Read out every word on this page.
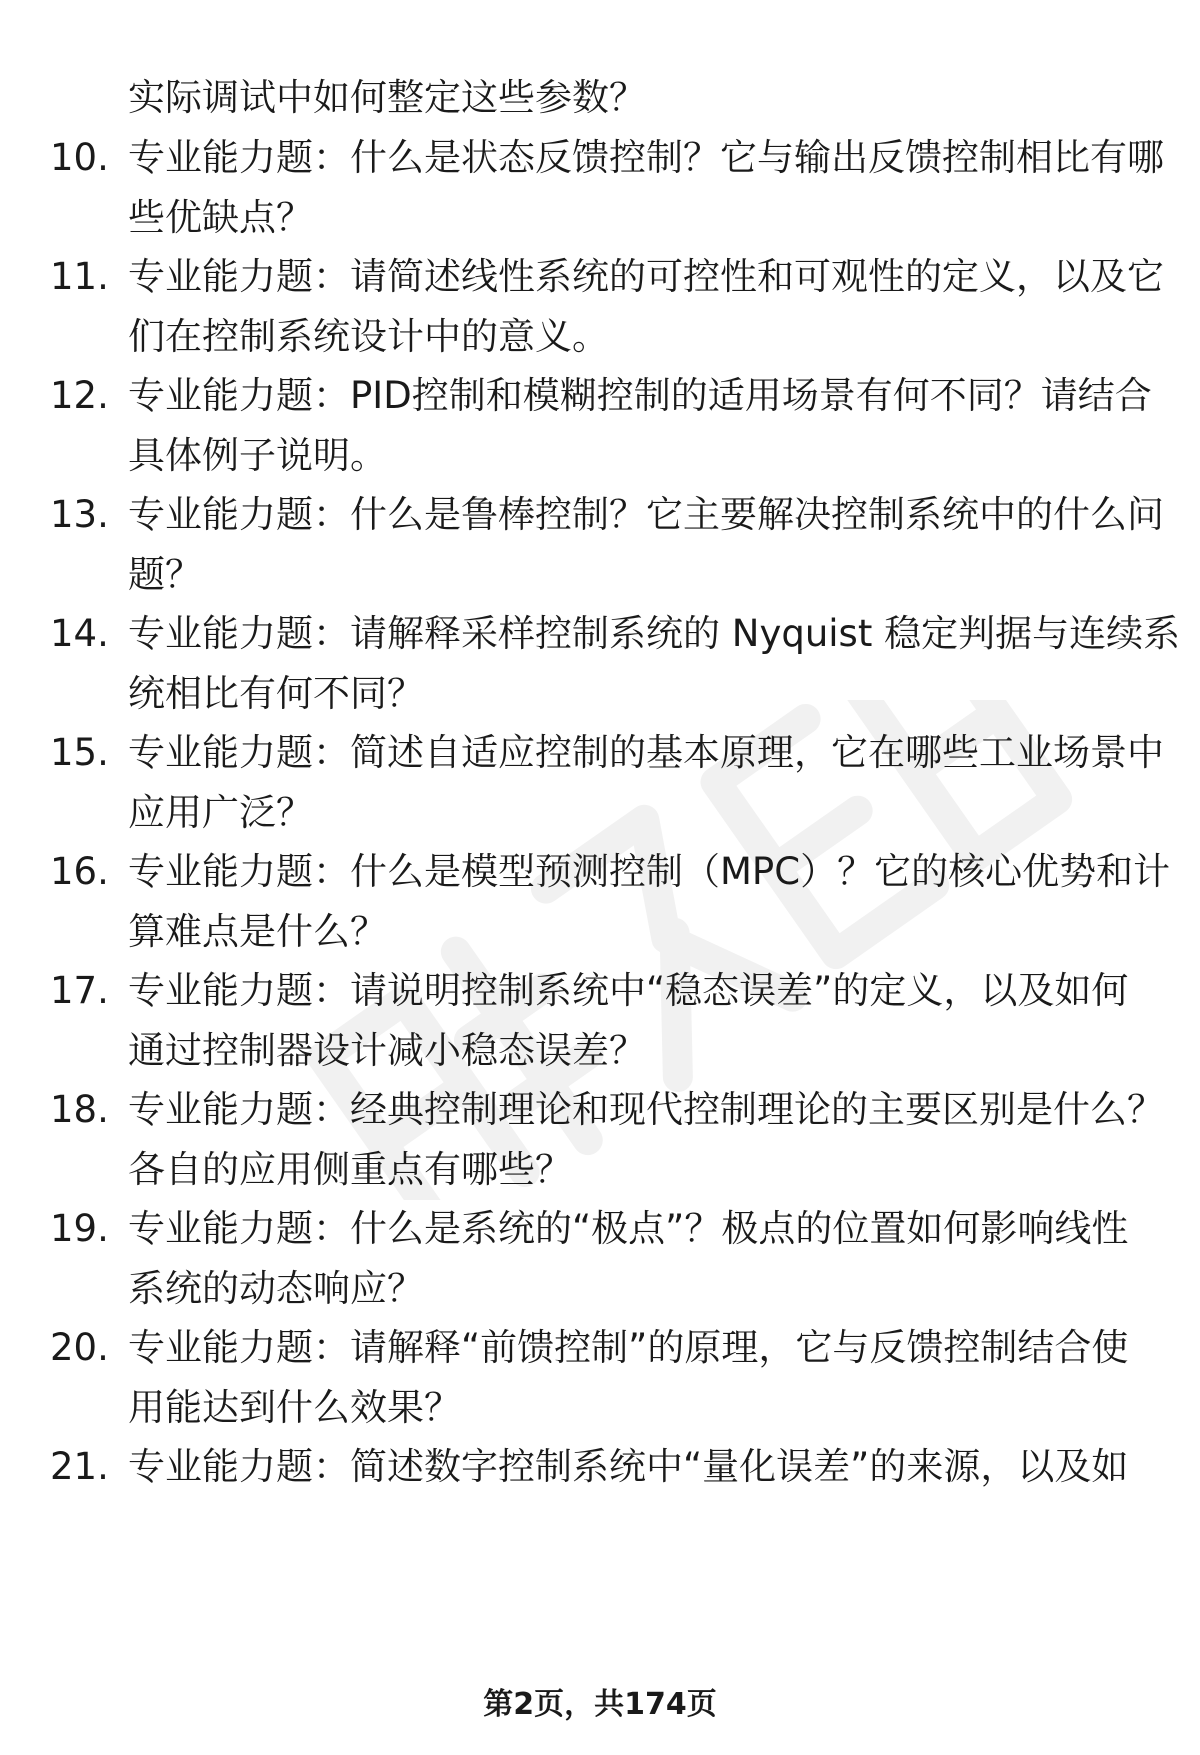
实际调试中如何整定这些参数？
10. 专业能力题：什么是状态反馈控制？它与输出反馈控制相比有哪
些优缺点？
11. 专业能力题：请简述线性系统的可控性和可观性的定义，以及它
们在控制系统设计中的意义。
12. 专业能力题：PID控制和模糊控制的适用场景有何不同？请结合
具体例子说明。
13. 专业能力题：什么是鲁棒控制？它主要解决控制系统中的什么问
题？
14. 专业能力题：请解释采样控制系统的 Nyquist 稳定判据与连续系
统相比有何不同？
15. 专业能力题：简述自适应控制的基本原理，它在哪些工业场景中
应用广泛？
16. 专业能力题：什么是模型预测控制（MPC）？它的核心优势和计
算难点是什么？
17. 专业能力题：请说明控制系统中“稳态误差”的定义，以及如何
通过控制器设计减小稳态误差？
18. 专业能力题：经典控制理论和现代控制理论的主要区别是什么？
各自的应用侧重点有哪些？
19. 专业能力题：什么是系统的“极点”？极点的位置如何影响线性
系统的动态响应？
20. 专业能力题：请解释“前馈控制”的原理，它与反馈控制结合使
用能达到什么效果？
21. 专业能力题：简述数字控制系统中“量化误差”的来源，以及如
第2页，共174页
